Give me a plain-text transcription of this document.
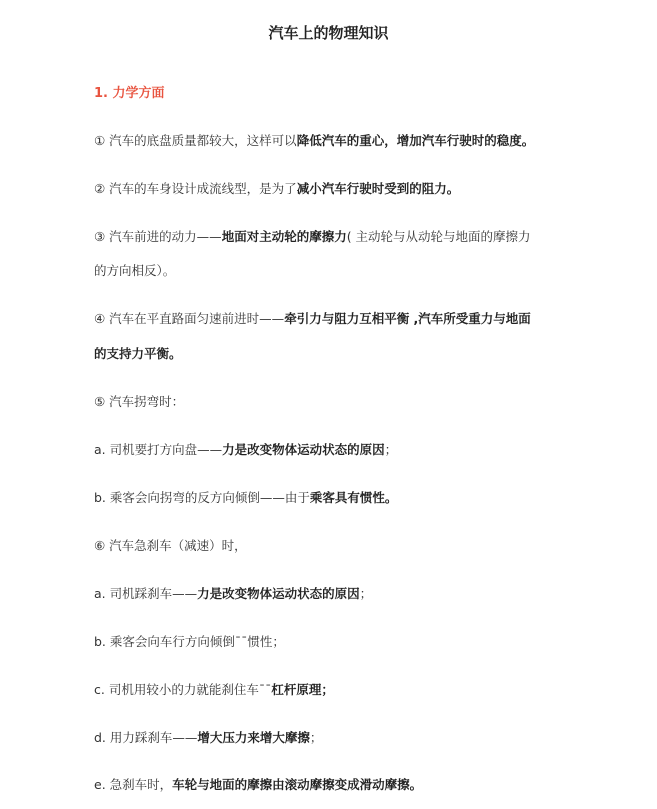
汽车上的物理知识
1. 力学方面
① 汽车的底盘质量都较大，这样可以降低汽车的重心，增加汽车行驶时的稳度。
② 汽车的车身设计成流线型，是为了减小汽车行驶时受到的阻力。
③ 汽车前进的动力——地面对主动轮的摩擦力( 主动轮与从动轮与地面的摩擦力
的方向相反）。
④ 汽车在平直路面匀速前进时——牵引力与阻力互相平衡 ,汽车所受重力与地面
的支持力平衡。
⑤ 汽车拐弯时：
a. 司机要打方向盘——力是改变物体运动状态的原因；
b. 乘客会向拐弯的反方向倾倒——由于乘客具有惯性。
⑥ 汽车急刹车（减速）时，
a. 司机踩刹车——力是改变物体运动状态的原因；
b. 乘客会向车行方向倾倒¯¯惯性；
c. 司机用较小的力就能刹住车¯¯杠杆原理；
d. 用力踩刹车——增大压力来增大摩擦；
e. 急刹车时，车轮与地面的摩擦由滚动摩擦变成滑动摩擦。
